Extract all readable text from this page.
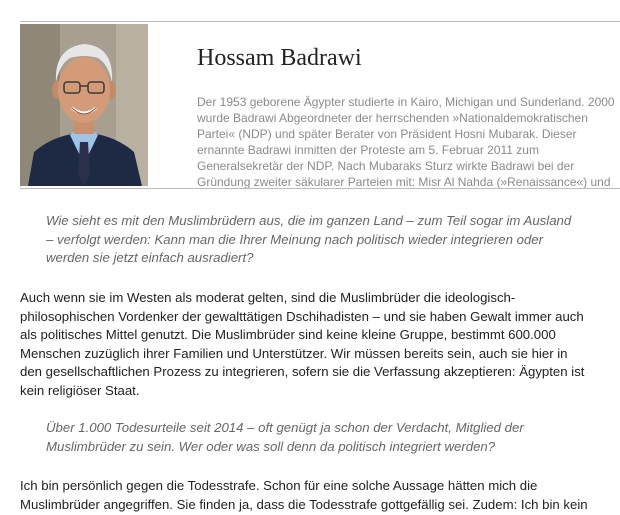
Hossam Badrawi

Der 1953 geborene Ägypter studierte in Kairo, Michigan und Sunderland. 2000 wurde Badrawi Abgeordneter der herrschenden »Nationaldemokratischen Partei« (NDP) und später Berater von Präsident Hosni Mubarak. Dieser ernannte Badrawi inmitten der Proteste am 5. Februar 2011 zum Generalsekretär der NDP. Nach Mubaraks Sturz wirkte Badrawi bei der Gründung zweiter säkularer Parteien mit: Misr Al Nahda (»Renaissance«) und

Wie sieht es mit den Muslimbrüdern aus, die im ganzen Land – zum Teil sogar im Ausland – verfolgt werden: Kann man die Ihrer Meinung nach politisch wieder integrieren oder werden sie jetzt einfach ausradiert?

Auch wenn sie im Westen als moderat gelten, sind die Muslimbrüder die ideologisch-philosophischen Vordenker der gewalttätigen Dschihadisten – und sie haben Gewalt immer auch als politisches Mittel genutzt. Die Muslimbrüder sind keine kleine Gruppe, bestimmt 600.000 Menschen zuzüglich ihrer Familien und Unterstützer. Wir müssen bereits sein, auch sie hier in den gesellschaftlichen Prozess zu integrieren, sofern sie die Verfassung akzeptieren: Ägypten ist kein religiöser Staat.

Über 1.000 Todesurteile seit 2014 – oft genügt ja schon der Verdacht, Mitglied der Muslimbrüder zu sein. Wer oder was soll denn da politisch integriert werden?

Ich bin persönlich gegen die Todesstrafe. Schon für eine solche Aussage hätten mich die Muslimbrüder angegriffen. Sie finden ja, dass die Todesstrafe gottgefällig sei. Zudem: Ich bin kein
